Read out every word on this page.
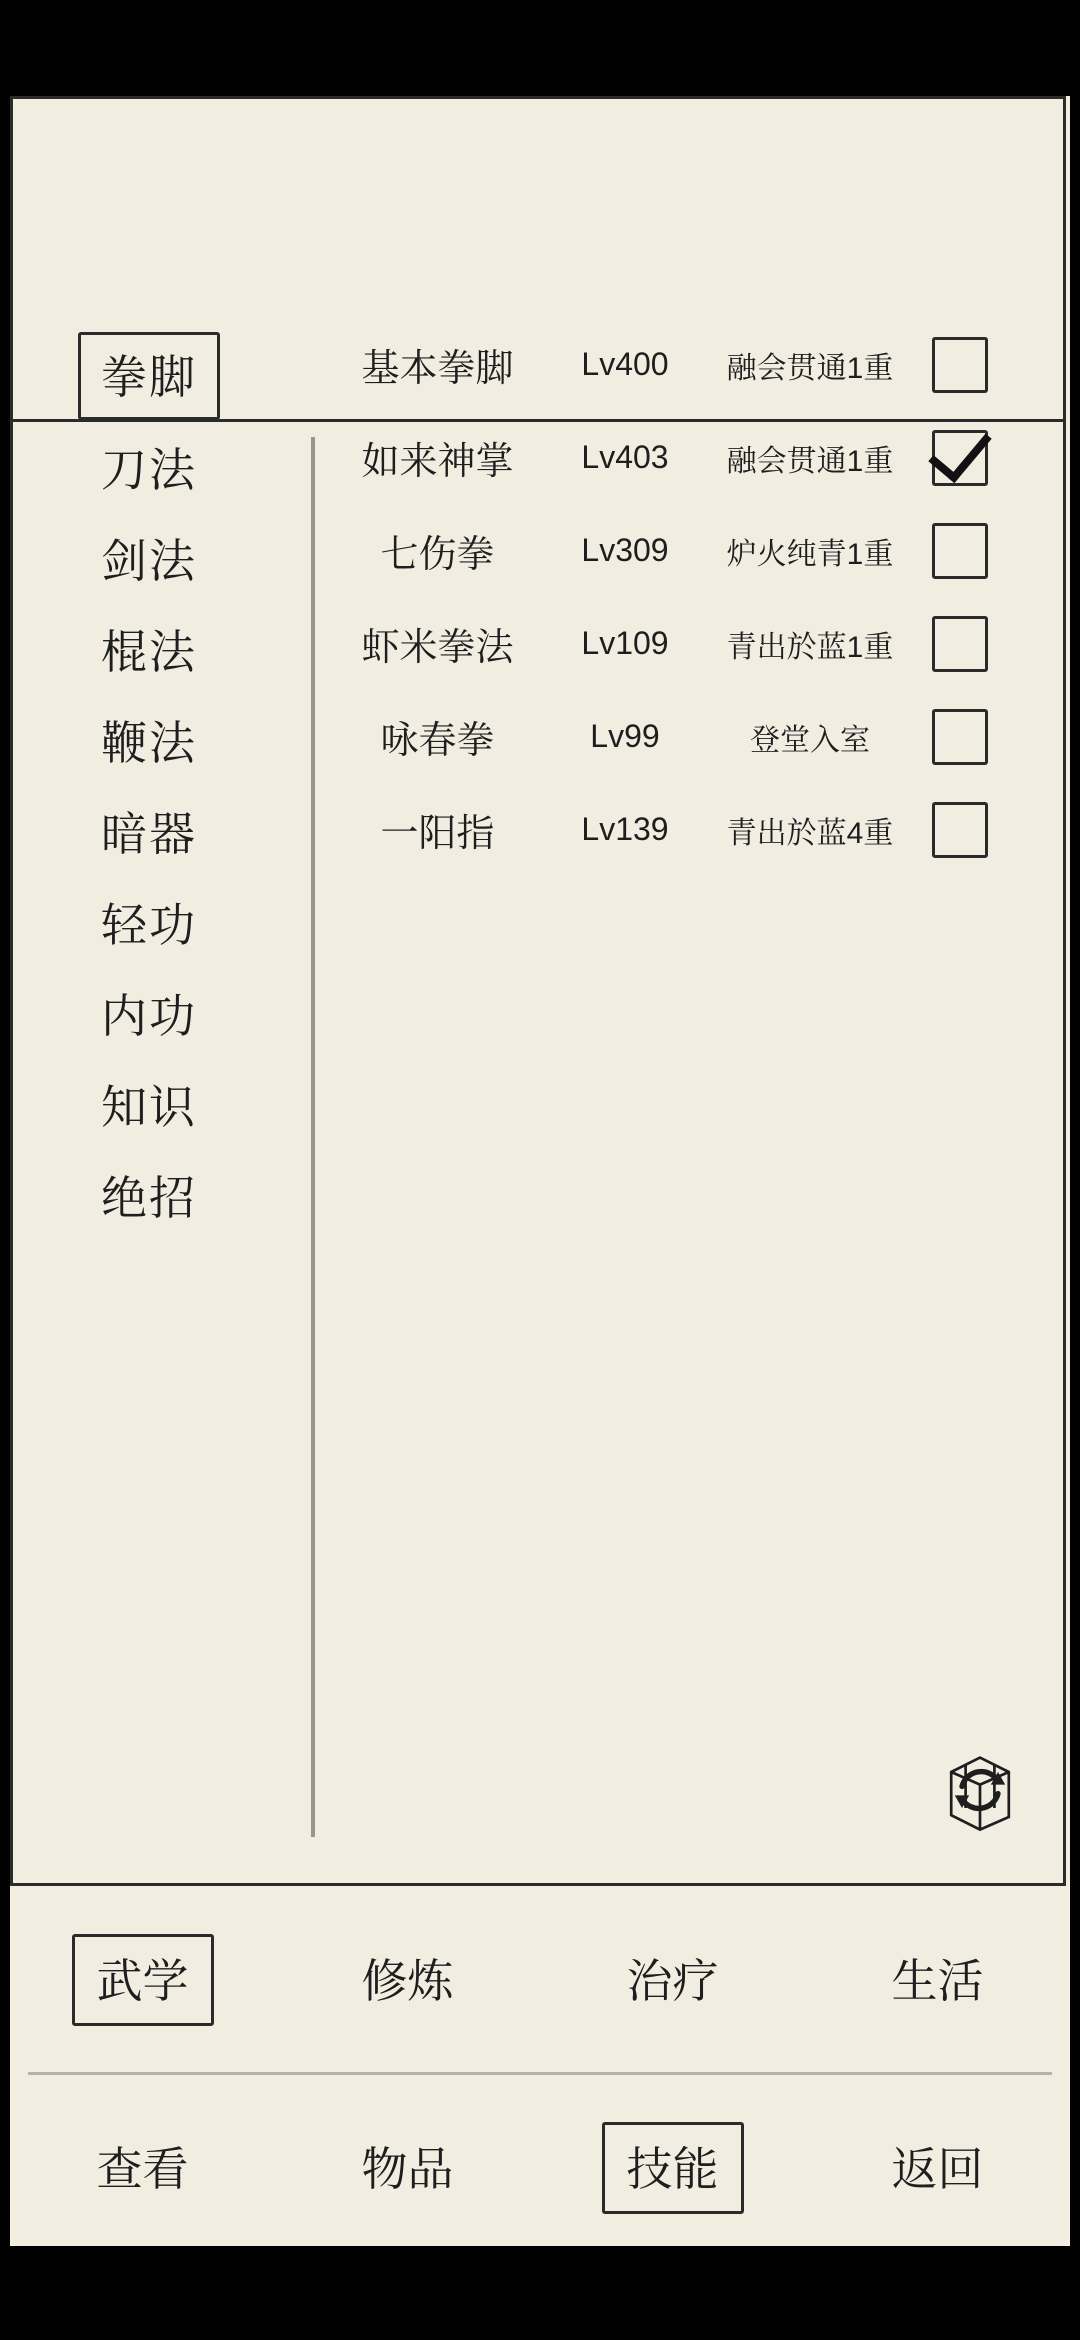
拳脚
刀法
剑法
棍法
鞭法
暗器
轻功
内功
知识
绝招
基本拳脚	Lv400	融会贯通1重
如来神掌	Lv403	融会贯通1重
七伤拳	Lv309	炉火纯青1重
虾米拳法	Lv109	青出於蓝1重
咏春拳	Lv99	登堂入室
一阳指	Lv139	青出於蓝4重
武学	修炼	治疗	生活
查看	物品	技能	返回
